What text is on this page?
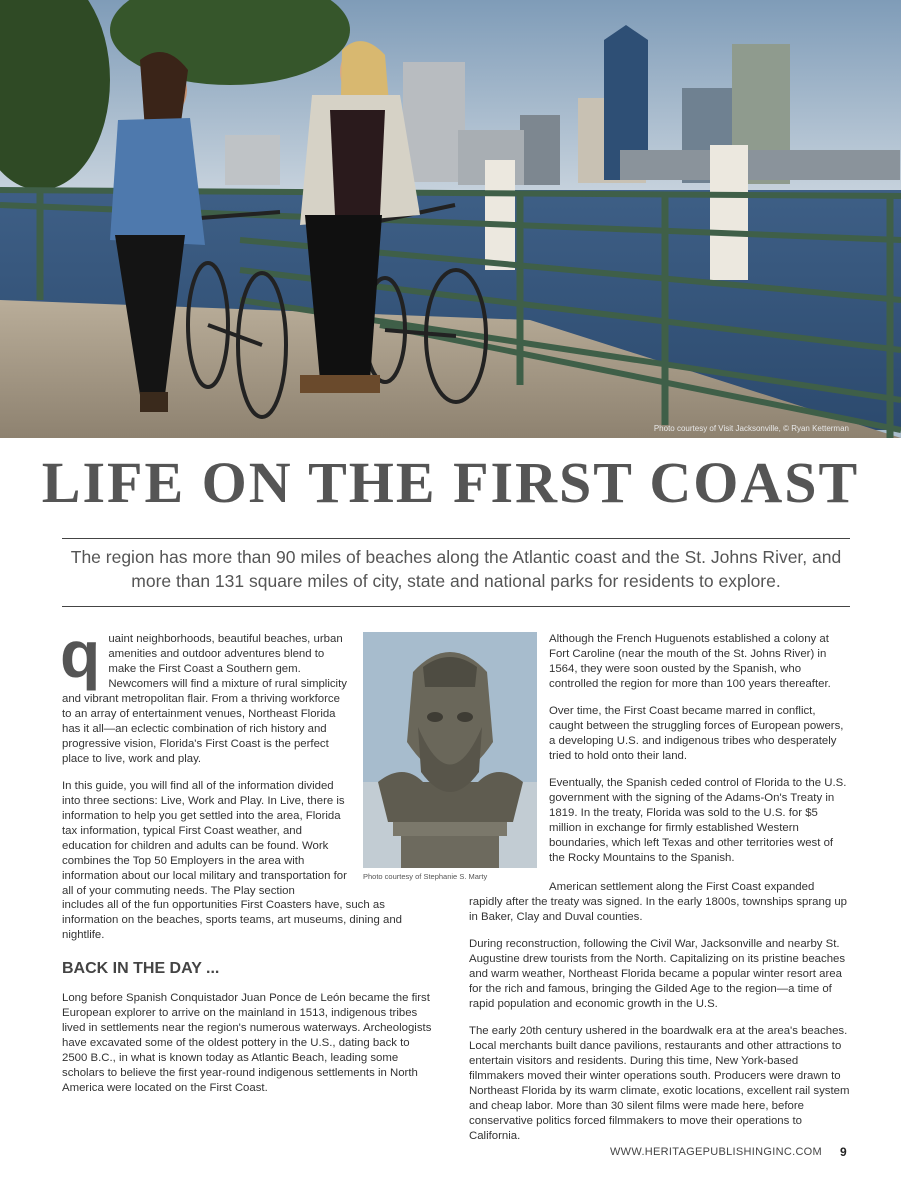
Photo courtesy of Visit Jacksonville, © Ryan Ketterman
LIFE ON THE FIRST COAST
The region has more than 90 miles of beaches along the Atlantic coast and the St. Johns River, and more than 131 square miles of city, state and national parks for residents to explore.

quaint neighborhoods, beautiful beaches, urban amenities and outdoor adventures blend to make the First Coast a Southern gem. Newcomers will find a mixture of rural simplicity and vibrant metropolitan flair. From a thriving workforce to an array of entertainment venues, Northeast Florida has it all—an eclectic combination of rich history and progressive vision, Florida's First Coast is the perfect place to live, work and play.

In this guide, you will find all of the information divided into three sections: Live, Work and Play. In Live, there is information to help you get settled into the area, Florida tax information, typical First Coast weather, and education for children and adults can be found. Work combines the Top 50 Employers in the area with information about our local military and transportation for all of your commuting needs. The Play section

includes all of the fun opportunities First Coasters have, such as information on the beaches, sports teams, art museums, dining and nightlife.

BACK IN THE DAY ...

Long before Spanish Conquistador Juan Ponce de León became the first European explorer to arrive on the mainland in 1513, indigenous tribes lived in settlements near the region's numerous waterways. Archeologists have excavated some of the oldest pottery in the U.S., dating back to 2500 B.C., in what is known today as Atlantic Beach, leading some scholars to believe the first year-round indigenous settlements in North America were located on the First Coast.

Photo courtesy of Stephanie S. Marty

Although the French Huguenots established a colony at Fort Caroline (near the mouth of the St. Johns River) in 1564, they were soon ousted by the Spanish, who controlled the region for more than 100 years thereafter.

Over time, the First Coast became marred in conflict, caught between the struggling forces of European powers, a developing U.S. and indigenous tribes who desperately tried to hold onto their land.

Eventually, the Spanish ceded control of Florida to the U.S. government with the signing of the Adams-On's Treaty in 1819. In the treaty, Florida was sold to the U.S. for $5 million in exchange for firmly established Western boundaries, which left Texas and other territories west of the Rocky Mountains to the Spanish.

American settlement along the First Coast expanded

rapidly after the treaty was signed. In the early 1800s, townships sprang up in Baker, Clay and Duval counties.

During reconstruction, following the Civil War, Jacksonville and nearby St. Augustine drew tourists from the North. Capitalizing on its pristine beaches and warm weather, Northeast Florida became a popular winter resort area for the rich and famous, bringing the Gilded Age to the region—a time of rapid population and economic growth in the U.S.

The early 20th century ushered in the boardwalk era at the area's beaches. Local merchants built dance pavilions, restaurants and other attractions to entertain visitors and residents. During this time, New York-based filmmakers moved their winter operations south. Producers were drawn to Northeast Florida by its warm climate, exotic locations, excellent rail system and cheap labor. More than 30 silent films were made here, before conservative politics forced filmmakers to move their operations to California.

WWW.HERITAGEPUBLISHINGINC.COM 9
